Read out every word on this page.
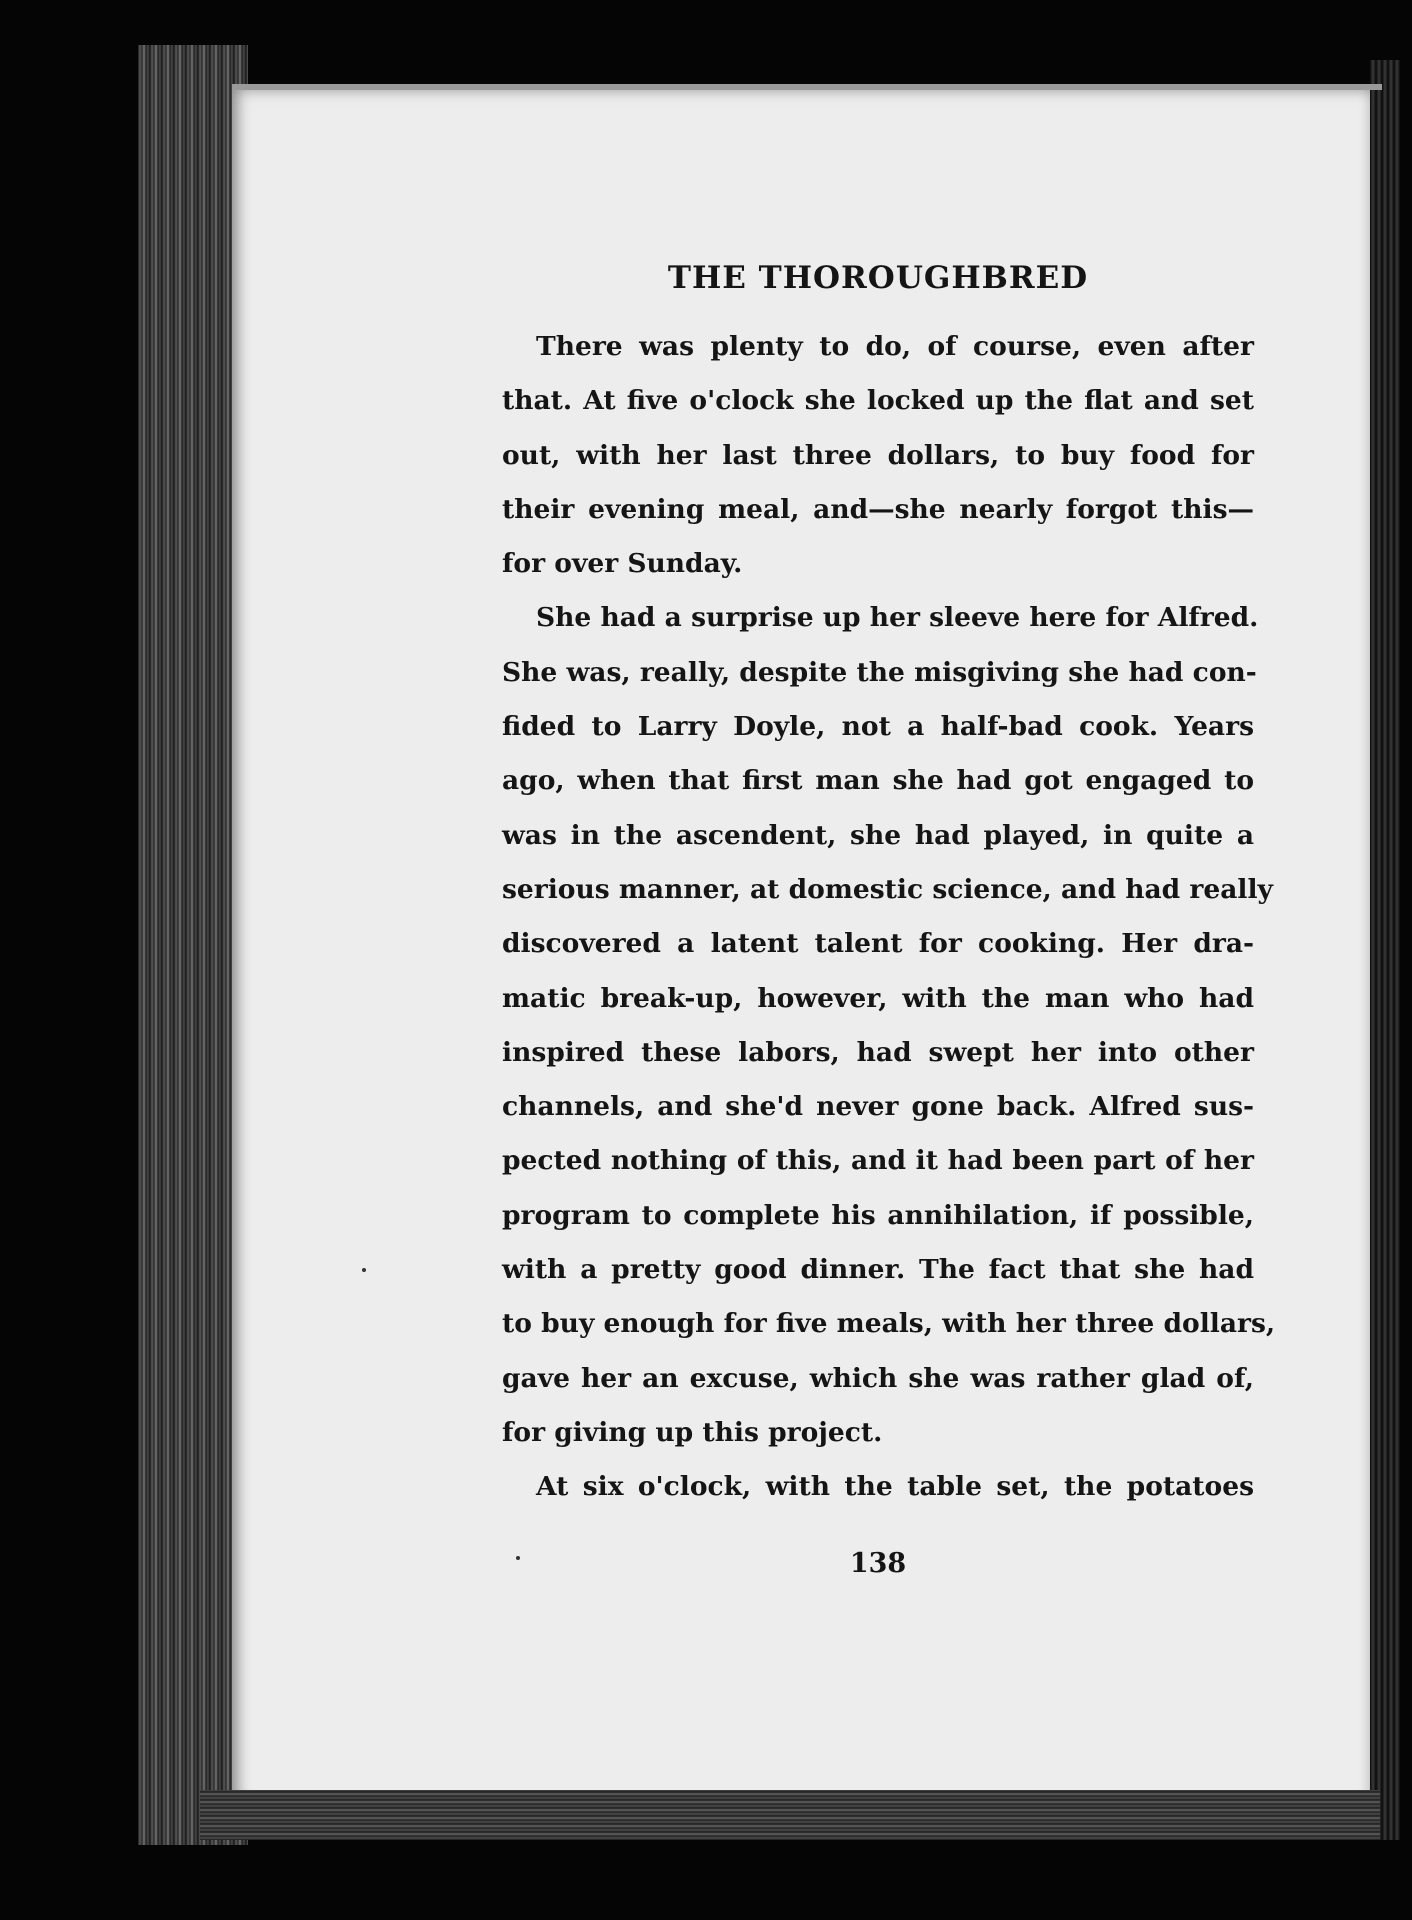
THE THOROUGHBRED

There was plenty to do, of course, even after
that. At five o'clock she locked up the flat and set
out, with her last three dollars, to buy food for
their evening meal, and—she nearly forgot this—
for over Sunday.

She had a surprise up her sleeve here for Alfred.
She was, really, despite the misgiving she had con-
fided to Larry Doyle, not a half-bad cook. Years
ago, when that first man she had got engaged to
was in the ascendent, she had played, in quite a
serious manner, at domestic science, and had really
discovered a latent talent for cooking. Her dra-
matic break-up, however, with the man who had
inspired these labors, had swept her into other
channels, and she'd never gone back. Alfred sus-
pected nothing of this, and it had been part of her
program to complete his annihilation, if possible,
with a pretty good dinner. The fact that she had
to buy enough for five meals, with her three dollars,
gave her an excuse, which she was rather glad of,
for giving up this project.

At six o'clock, with the table set, the potatoes

138
